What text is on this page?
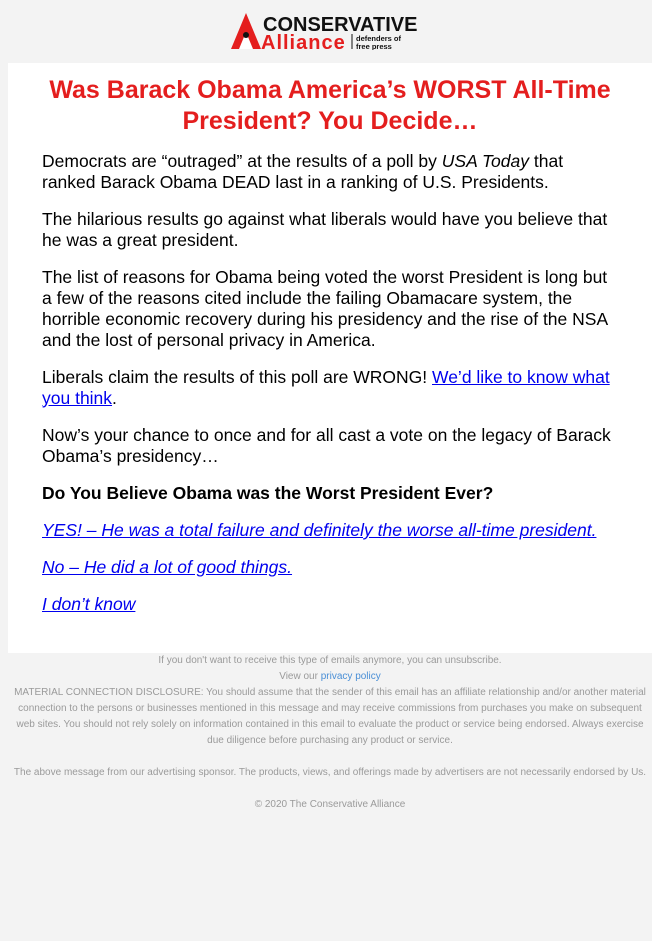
CONSERVATIVE
Alliance defenders of
free press
Was Barack Obama America’s WORST All-Time President? You Decide…

Democrats are “outraged” at the results of a poll by USA Today that ranked Barack Obama DEAD last in a ranking of U.S. Presidents.

The hilarious results go against what liberals would have you believe that he was a great president.

The list of reasons for Obama being voted the worst President is long but a few of the reasons cited include the failing Obamacare system, the horrible economic recovery during his presidency and the rise of the NSA and the lost of personal privacy in America.

Liberals claim the results of this poll are WRONG! We’d like to know what you think.

Now’s your chance to once and for all cast a vote on the legacy of Barack Obama’s presidency…

Do You Believe Obama was the Worst President Ever?

YES! – He was a total failure and definitely the worse all-time president.

No – He did a lot of good things.

I don’t know

If you don't want to receive this type of emails anymore, you can unsubscribe.
View our privacy policy
MATERIAL CONNECTION DISCLOSURE: You should assume that the sender of this email has an affiliate relationship and/or another material connection to the persons or businesses mentioned in this message and may receive commissions from purchases you make on subsequent web sites. You should not rely solely on information contained in this email to evaluate the product or service being endorsed. Always exercise due diligence before purchasing any product or service.
The above message from our advertising sponsor. The products, views, and offerings made by advertisers are not necessarily endorsed by Us.
© 2020 The Conservative Alliance
